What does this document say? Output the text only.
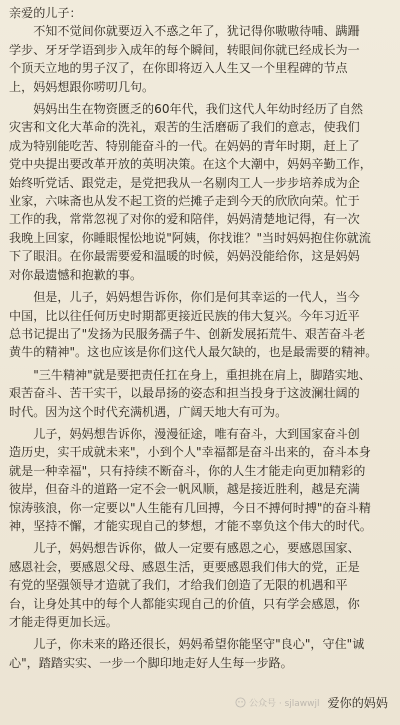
亲爱的儿子：
　　不知不觉间你就要迈入不惑之年了，犹记得你嗷嗷待哺、蹒跚
学步、牙牙学语到步入成年的每个瞬间，转眼间你就已经成长为一
个顶天立地的男子汉了，在你即将迈入人生又一个里程碑的节点
上，妈妈想跟你唠叨几句。
　　妈妈出生在物资匮乏的60年代，我们这代人年幼时经历了自然
灾害和文化大革命的洗礼，艰苦的生活磨砺了我们的意志，使我们
成为特别能吃苦、特别能奋斗的一代。在妈妈的青年时期，赶上了
党中央提出要改革开放的英明决策。在这个大潮中，妈妈辛勤工作，
始终听党话、跟党走，是党把我从一名剔肉工人一步步培养成为企
业家，六味斋也从发不起工资的烂摊子走到今天的欣欣向荣。忙于
工作的我，常常忽视了对你的爱和陪伴，妈妈清楚地记得，有一次
我晚上回家，你睡眼惺忪地说"阿姨，你找谁？"当时妈妈抱住你就流
下了眼泪。在你最需要爱和温暖的时候，妈妈没能给你，这是妈妈
对你最遗憾和抱歉的事。
　　但是，儿子，妈妈想告诉你，你们是何其幸运的一代人，当今
中国，比以往任何历史时期都更接近民族的伟大复兴。今年习近平
总书记提出了"发扬为民服务孺子牛、创新发展拓荒牛、艰苦奋斗老
黄牛的精神"。这也应该是你们这代人最欠缺的，也是最需要的精神。
　　"三牛精神"就是要把责任扛在身上，重担挑在肩上，脚踏实地、
艰苦奋斗、苦干实干，以最昂扬的姿态和担当投身于这波澜壮阔的
时代。因为这个时代充满机遇，广阔天地大有可为。
　　儿子，妈妈想告诉你，漫漫征途，唯有奋斗，大到国家奋斗创
造历史，实干成就未来"，小到个人"幸福都是奋斗出来的，奋斗本身
就是一种幸福"，只有持续不断奋斗，你的人生才能走向更加精彩的
彼岸，但奋斗的道路一定不会一帆风顺，越是接近胜利，越是充满
惊涛骇浪，你一定要以"人生能有几回搏，今日不搏何时搏"的奋斗精
神，坚持不懈，才能实现自己的梦想，才能不辜负这个伟大的时代。
　　儿子，妈妈想告诉你，做人一定要有感恩之心，要感恩国家、
感恩社会，要感恩父母、感恩生活，更要感恩我们伟大的党，正是
有党的坚强领导才造就了我们，才给我们创造了无限的机遇和平
台，让身处其中的每个人都能实现自己的价值，只有学会感恩，你
才能走得更加长远。
　　儿子，你未来的路还很长，妈妈希望你能坚守"良心"，守住"诚
心"，踏踏实实、一步一个脚印地走好人生每一步路。
公众号 · sjlawwjl 爱你的妈妈
